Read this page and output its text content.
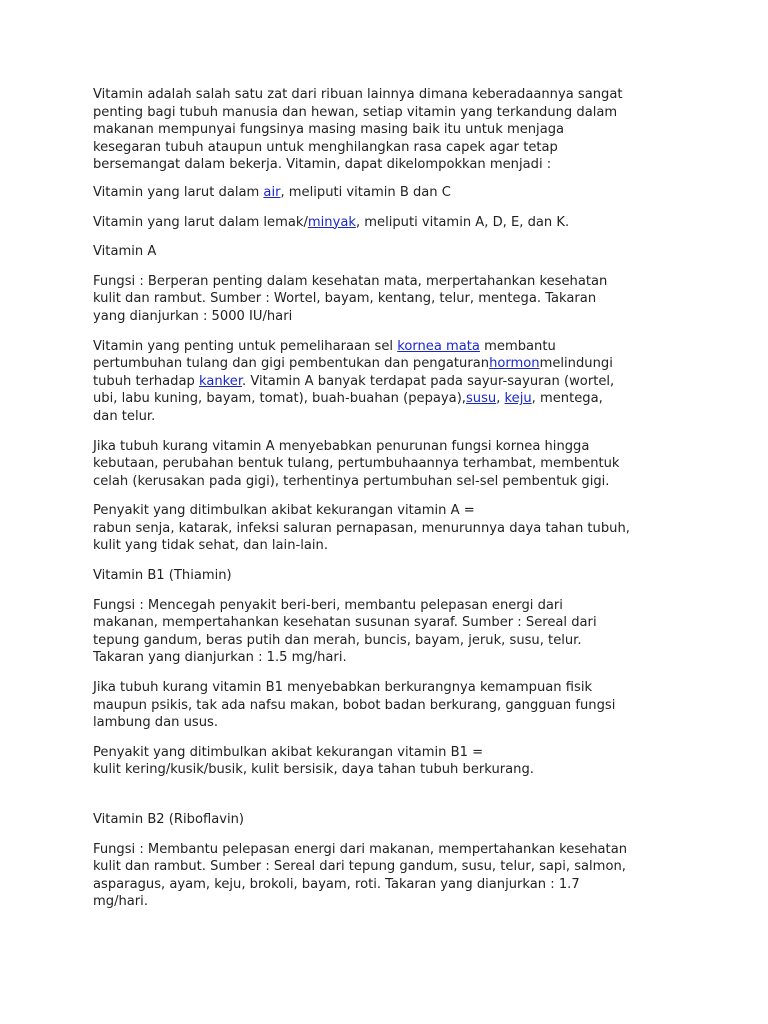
Vitamin adalah salah satu zat dari ribuan lainnya dimana keberadaannya sangat
penting bagi tubuh manusia dan hewan, setiap vitamin yang terkandung dalam
makanan mempunyai fungsinya masing masing baik itu untuk menjaga
kesegaran tubuh ataupun untuk menghilangkan rasa capek agar tetap
bersemangat dalam bekerja. Vitamin, dapat dikelompokkan menjadi :

Vitamin yang larut dalam air, meliputi vitamin B dan C

Vitamin yang larut dalam lemak/minyak, meliputi vitamin A, D, E, dan K.

Vitamin A

Fungsi : Berperan penting dalam kesehatan mata, merpertahankan kesehatan
kulit dan rambut. Sumber : Wortel, bayam, kentang, telur, mentega. Takaran
yang dianjurkan : 5000 IU/hari

Vitamin yang penting untuk pemeliharaan sel kornea mata membantu
pertumbuhan tulang dan gigi pembentukan dan pengaturanhormonmelindungi
tubuh terhadap kanker. Vitamin A banyak terdapat pada sayur-sayuran (wortel,
ubi, labu kuning, bayam, tomat), buah-buahan (pepaya),susu, keju, mentega,
dan telur.

Jika tubuh kurang vitamin A menyebabkan penurunan fungsi kornea hingga
kebutaan, perubahan bentuk tulang, pertumbuhaannya terhambat, membentuk
celah (kerusakan pada gigi), terhentinya pertumbuhan sel-sel pembentuk gigi.

Penyakit yang ditimbulkan akibat kekurangan vitamin A =
rabun senja, katarak, infeksi saluran pernapasan, menurunnya daya tahan tubuh,
kulit yang tidak sehat, dan lain-lain.

Vitamin B1 (Thiamin)

Fungsi : Mencegah penyakit beri-beri, membantu pelepasan energi dari
makanan, mempertahankan kesehatan susunan syaraf. Sumber : Sereal dari
tepung gandum, beras putih dan merah, buncis, bayam, jeruk, susu, telur.
Takaran yang dianjurkan : 1.5 mg/hari.

Jika tubuh kurang vitamin B1 menyebabkan berkurangnya kemampuan fisik
maupun psikis, tak ada nafsu makan, bobot badan berkurang, gangguan fungsi
lambung dan usus.

Penyakit yang ditimbulkan akibat kekurangan vitamin B1 =
kulit kering/kusik/busik, kulit bersisik, daya tahan tubuh berkurang.

Vitamin B2 (Riboflavin)

Fungsi : Membantu pelepasan energi dari makanan, mempertahankan kesehatan
kulit dan rambut. Sumber : Sereal dari tepung gandum, susu, telur, sapi, salmon,
asparagus, ayam, keju, brokoli, bayam, roti. Takaran yang dianjurkan : 1.7
mg/hari.
